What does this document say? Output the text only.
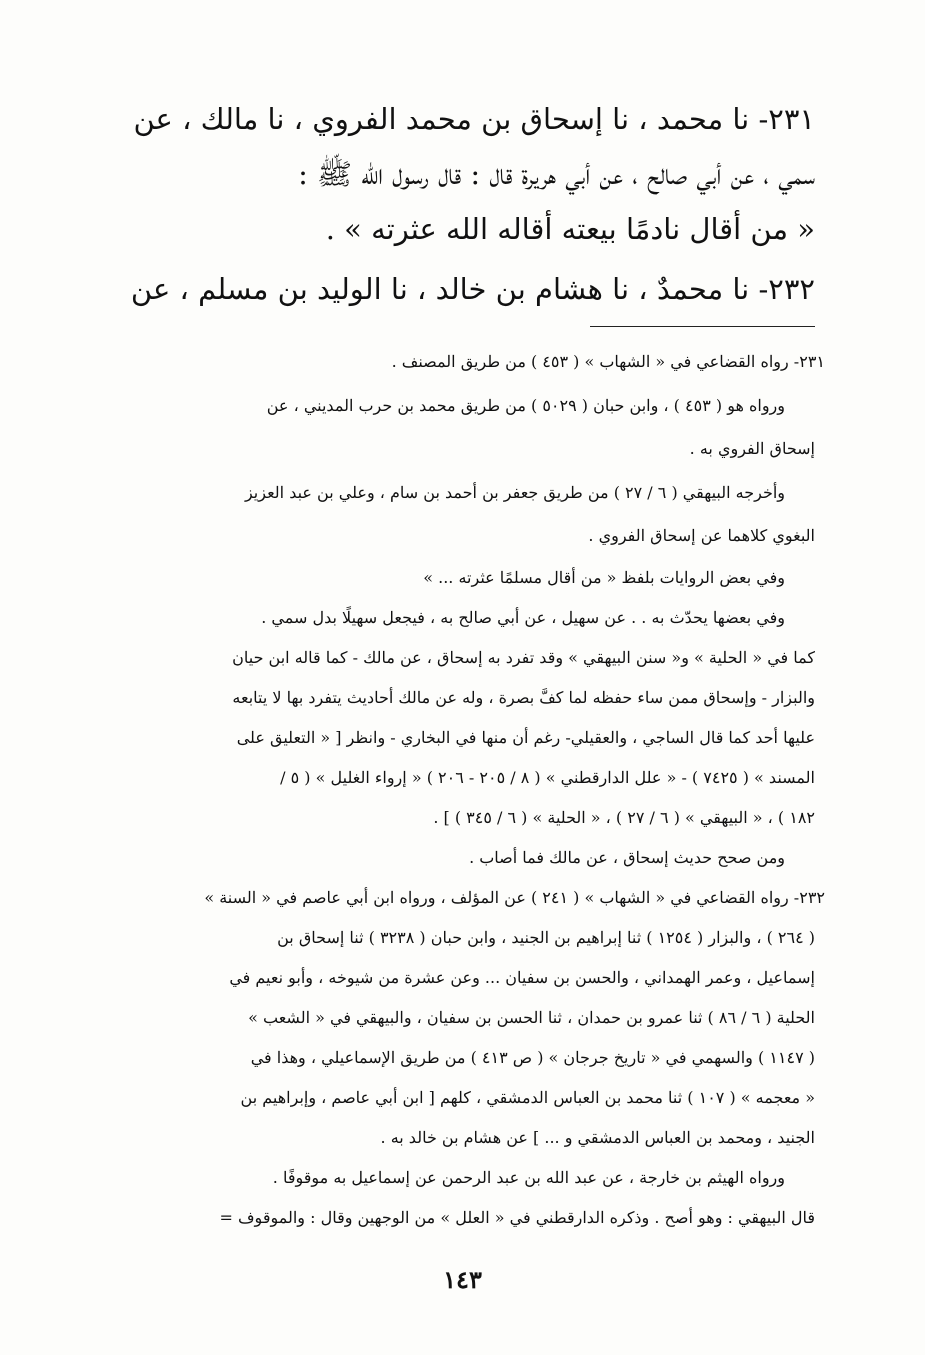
٢٣١- نا محمد ، نا إسحاق بن محمد الفروي ، نا مالك ، عن
سمي ، عن أبي صالح ، عن أبي هريرة قال : قال رسول الله ﷺ :
« من أقال نادمًا بيعته أقاله الله عثرته » .
٢٣٢- نا محمدٌ ، نا هشام بن خالد ، نا الوليد بن مسلم ، عن
٢٣١- رواه القضاعي في « الشهاب » ( ٤٥٣ ) من طريق المصنف .
ورواه هو ( ٤٥٣ ) ، وابن حبان ( ٥٠٢٩ ) من طريق محمد بن حرب المديني ، عن
إسحاق الفروي به .
وأخرجه البيهقي ( ٦ / ٢٧ ) من طريق جعفر بن أحمد بن سام ، وعلي بن عبد العزيز
البغوي كلاهما عن إسحاق الفروي .
وفي بعض الروايات بلفظ « من أقال مسلمًا عثرته ... »
وفي بعضها يحدّث به . . عن سهيل ، عن أبي صالح به ، فيجعل سهيلًا بدل سمي .
كما في « الحلية » و« سنن البيهقي » وقد تفرد به إسحاق ، عن مالك - كما قاله ابن حيان
والبزار - وإسحاق ممن ساء حفظه لما كفَّ بصرة ، وله عن مالك أحاديث يتفرد بها لا يتابعه
عليها أحد كما قال الساجي ، والعقيلي- رغم أن منها في البخاري - وانظر [ « التعليق على
المسند » ( ٧٤٢٥ ) - « علل الدارقطني » ( ٨ / ٢٠٥ - ٢٠٦ ) « إرواء الغليل » ( ٥ /
١٨٢ ) ، « البيهقي » ( ٦ / ٢٧ ) ، « الحلية » ( ٦ / ٣٤٥ ) ] .
ومن صحح حديث إسحاق ، عن مالك فما أصاب .
٢٣٢- رواه القضاعي في « الشهاب » ( ٢٤١ ) عن المؤلف ، ورواه ابن أبي عاصم في « السنة »
( ٢٦٤ ) ، والبزار ( ١٢٥٤ ) ثنا إبراهيم بن الجنيد ، وابن حبان ( ٣٢٣٨ ) ثنا إسحاق بن
إسماعيل ، وعمر الهمداني ، والحسن بن سفيان ... وعن عشرة من شيوخه ، وأبو نعيم في
الحلية ( ٦ / ٨٦ ) ثنا عمرو بن حمدان ، ثنا الحسن بن سفيان ، والبيهقي في « الشعب »
( ١١٤٧ ) والسهمي في « تاريخ جرجان » ( ص ٤١٣ ) من طريق الإسماعيلي ، وهذا في
« معجمه » ( ١٠٧ ) ثنا محمد بن العباس الدمشقي ، كلهم [ ابن أبي عاصم ، وإبراهيم بن
الجنيد ، ومحمد بن العباس الدمشقي و ... ] عن هشام بن خالد به .
ورواه الهيثم بن خارجة ، عن عبد الله بن عبد الرحمن عن إسماعيل به موقوفًا .
قال البيهقي : وهو أصح . وذكره الدارقطني في « العلل » من الوجهين وقال : والموقوف =
١٤٣
